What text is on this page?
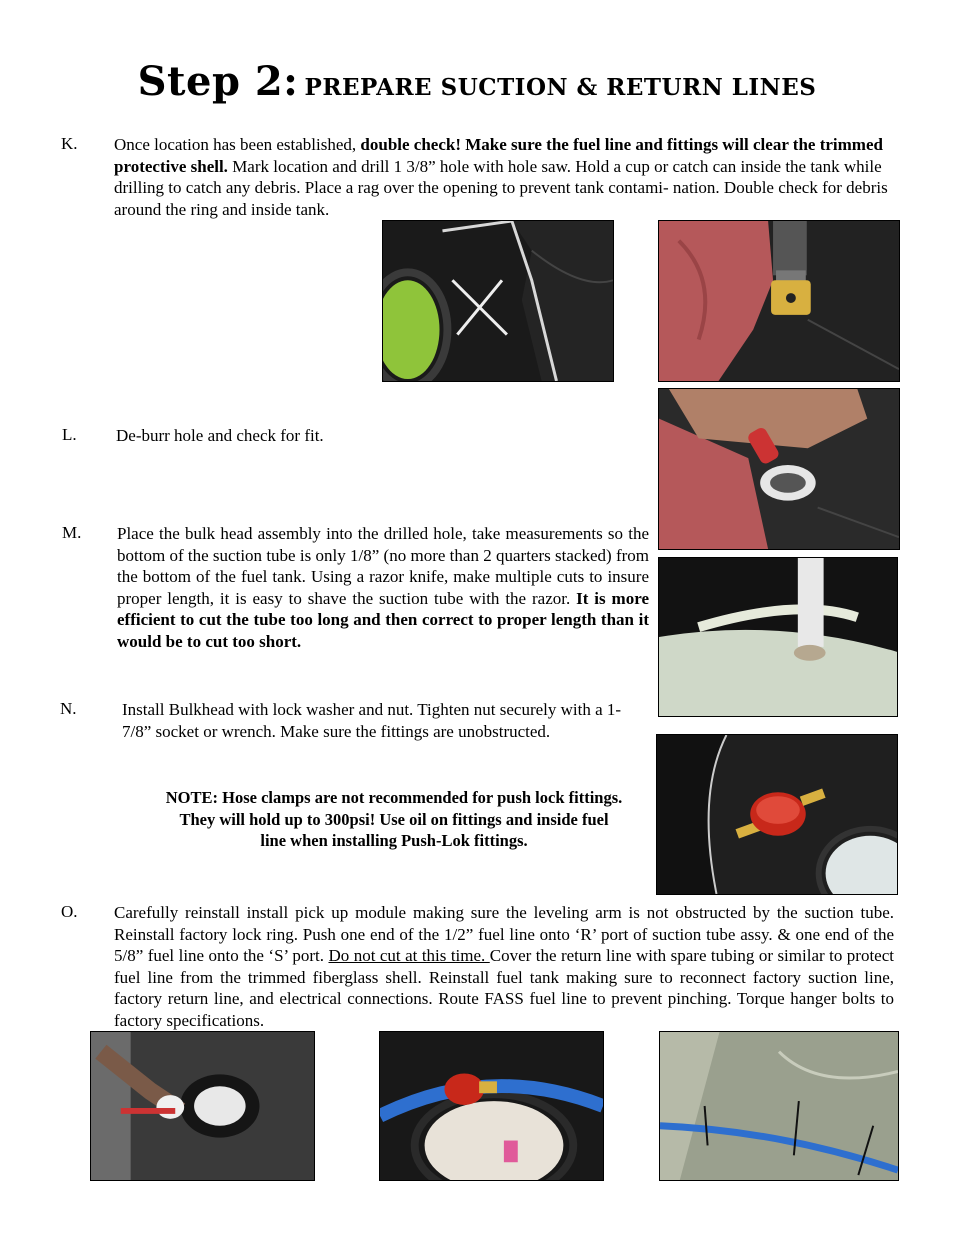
Step 2: PREPARE SUCTION & RETURN LINES
K. Once location has been established, double check! Make sure the fuel line and fittings will clear the trimmed protective shell. Mark location and drill 1 3/8” hole with hole saw. Hold a cup or catch can inside the tank while drilling to catch any debris. Place a rag over the opening to prevent tank contami- nation. Double check for debris around the ring and inside tank.
L. De-burr hole and check for fit.
M. Place the bulk head assembly into the drilled hole, take measurements so the bottom of the suction tube is only 1/8” (no more than 2 quarters stacked) from the bottom of the fuel tank. Using a razor knife, make multiple cuts to insure proper length, it is easy to shave the suction tube with the razor. It is more efficient to cut the tube too long and then correct to proper length than it would be to cut too short.
N.	Install Bulkhead with lock washer and nut. Tighten nut securely with a 1-7/8” socket or wrench. Make sure the fittings are unobstructed.
NOTE: Hose clamps are not recommended for push lock fittings.
They will hold up to 300psi! Use oil on fittings and inside fuel
line when installing Push-Lok fittings.
O. Carefully reinstall install pick up module making sure the leveling arm is not obstructed by the suction tube. Reinstall factory lock ring. Push one end of the 1/2” fuel line onto ‘R’ port of suction tube assy. & one end of the 5/8” fuel line onto the ‘S’ port. Do not cut at this time. Cover the return line with spare tubing or similar to protect fuel line from the trimmed fiberglass shell. Reinstall fuel tank making sure to reconnect factory suction line, factory return line, and electrical connections. Route FASS fuel line to prevent pinching. Torque hanger bolts to factory specifications.
